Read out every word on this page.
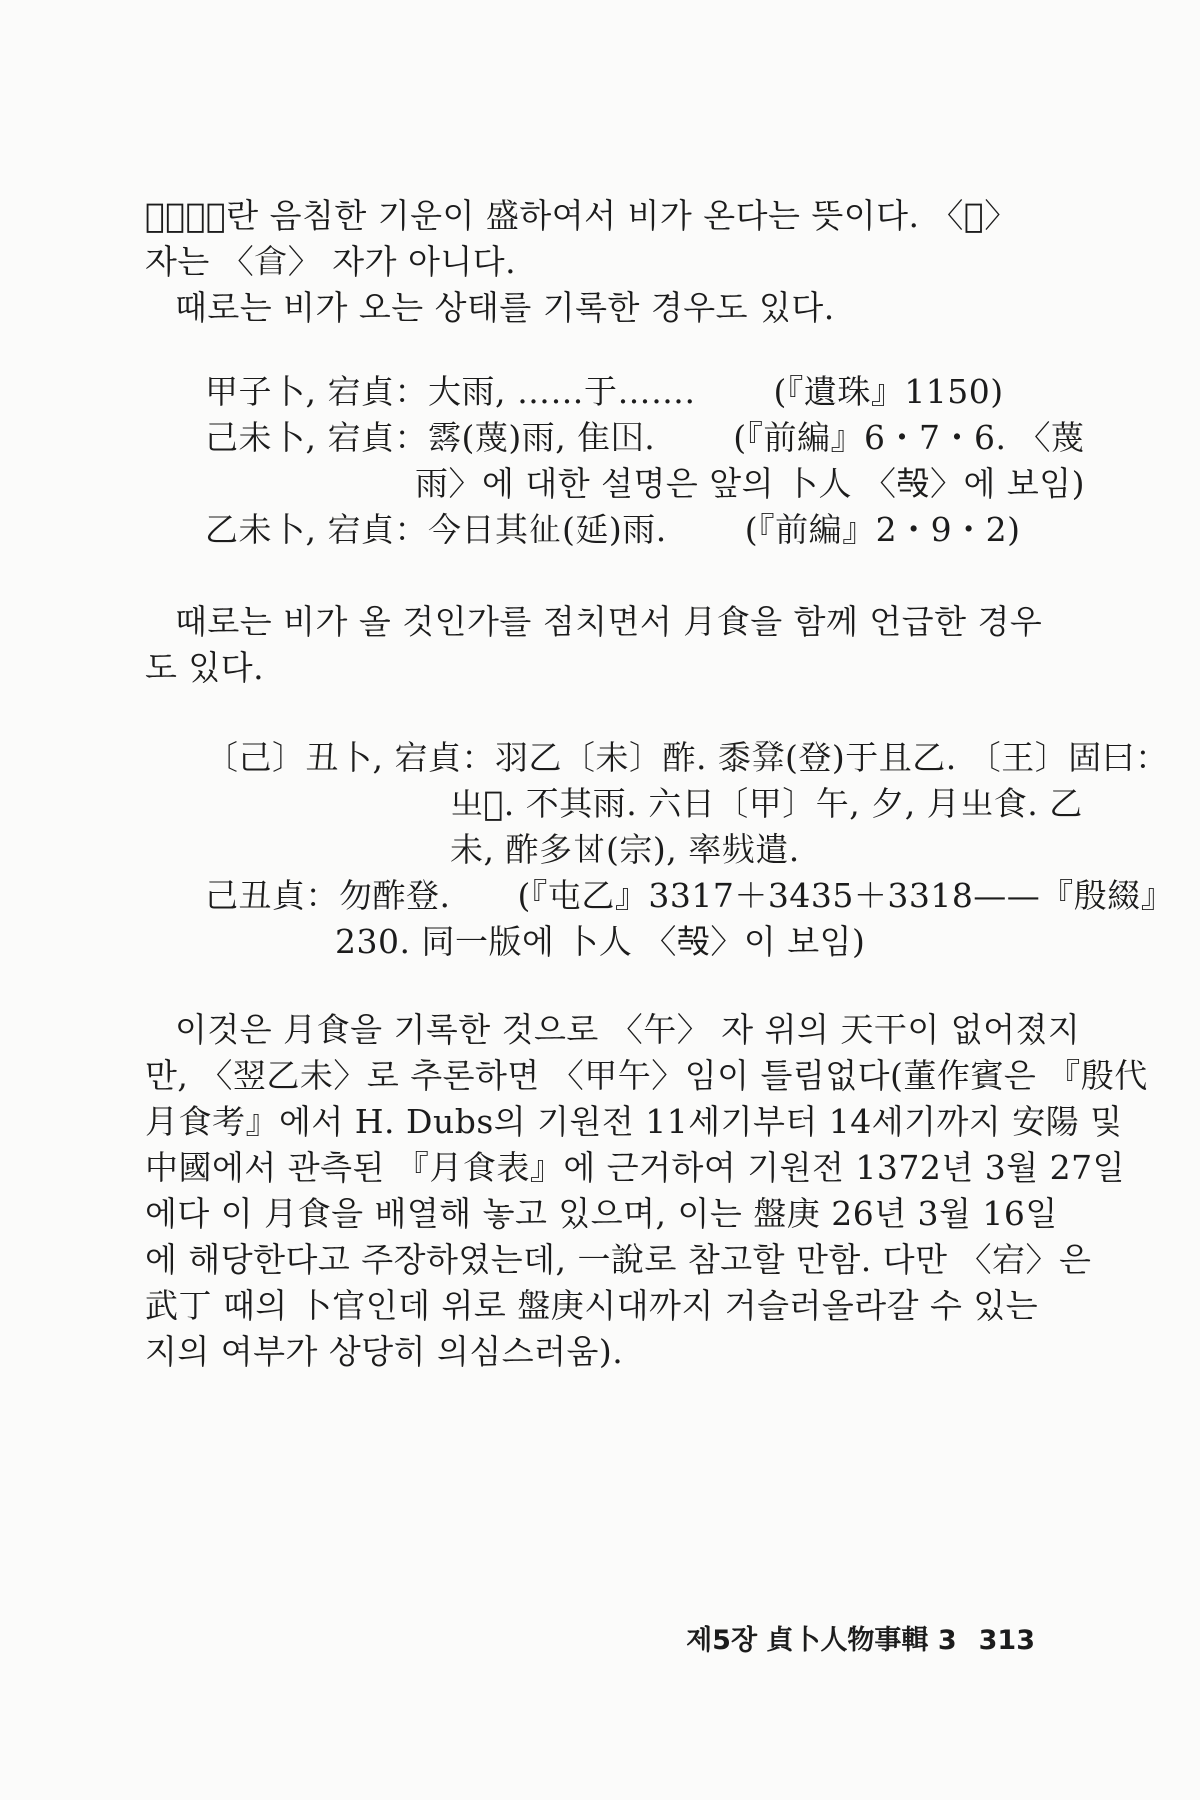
〈𥞤雨〉란 음침한 기운이 盛하여서 비가 온다는 뜻이다. 〈𥞤〉
자는 〈𣌭〉 자가 아니다.
때로는 비가 오는 상태를 기록한 경우도 있다.
甲子卜, 宕貞：大雨, ……于…….　　 (『遺珠』1150)
己未卜, 宕貞：𩃬(蔑)雨, 隹𡆥.　　 (『前編』6・7・6. 〈蔑
雨〉에 대한 설명은 앞의 卜人 〈𣪊〉에 보임)
乙未卜, 宕貞：今日其𢓊(延)雨.　　 (『前編』2・9・2)
때로는 비가 올 것인가를 점치면서 月食을 함께 언급한 경우
도 있다.
〔己〕丑卜, 宕貞：羽乙〔未〕酢. 黍𤼷(登)于且乙. 〔王〕固曰：
㞢𥞤. 不其雨. 六日〔甲〕午, 夕, 月㞢食. 乙
未, 酢多𠀠(宗), 率𢧁遣.
己丑貞：勿酢登.　　(『屯乙』3317＋3435＋3318——『殷綴』
230. 同一版에 卜人 〈𣪊〉이 보임)
이것은 月食을 기록한 것으로 〈午〉 자 위의 天干이 없어졌지
만, 〈翌乙未〉로 추론하면 〈甲午〉임이 틀림없다(董作賓은 『殷代
月食考』에서 H. Dubs의 기원전 11세기부터 14세기까지 安陽 및
中國에서 관측된 『月食表』에 근거하여 기원전 1372년 3월 27일
에다 이 月食을 배열해 놓고 있으며, 이는 盤庚 26년 3월 16일
에 해당한다고 주장하였는데, 一說로 참고할 만함. 다만 〈宕〉은
武丁 때의 卜官인데 위로 盤庚시대까지 거슬러올라갈 수 있는
지의 여부가 상당히 의심스러움).
제5장 貞卜人物事輯 3 313
